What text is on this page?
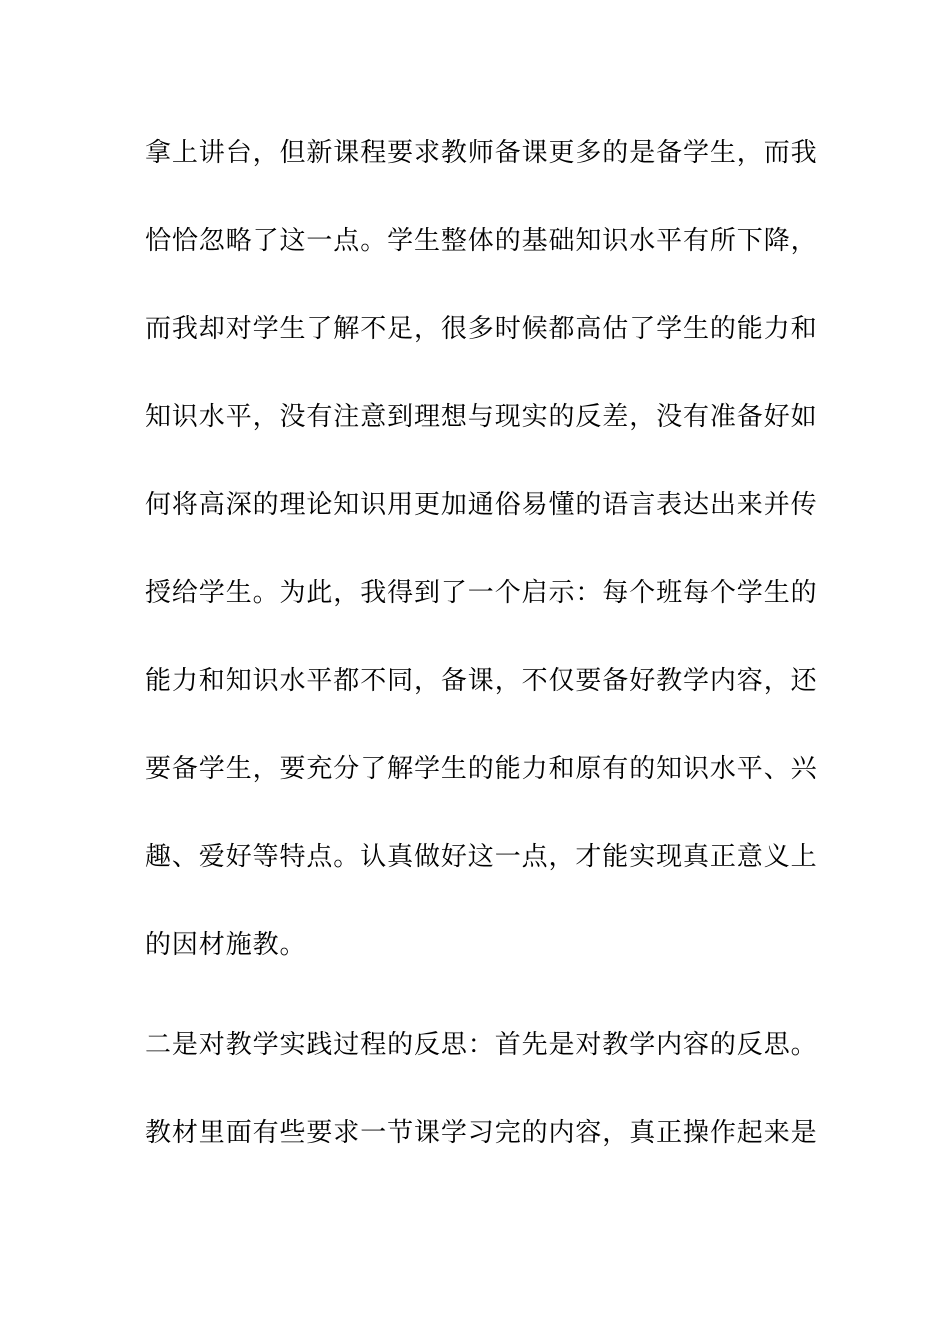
拿上讲台，但新课程要求教师备课更多的是备学生，而我
恰恰忽略了这一点。学生整体的基础知识水平有所下降，
而我却对学生了解不足，很多时候都高估了学生的能力和
知识水平，没有注意到理想与现实的反差，没有准备好如
何将高深的理论知识用更加通俗易懂的语言表达出来并传
授给学生。为此，我得到了一个启示：每个班每个学生的
能力和知识水平都不同，备课，不仅要备好教学内容，还
要备学生，要充分了解学生的能力和原有的知识水平、兴
趣、爱好等特点。认真做好这一点，才能实现真正意义上
的因材施教。
二是对教学实践过程的反思：首先是对教学内容的反思。
教材里面有些要求一节课学习完的内容，真正操作起来是
